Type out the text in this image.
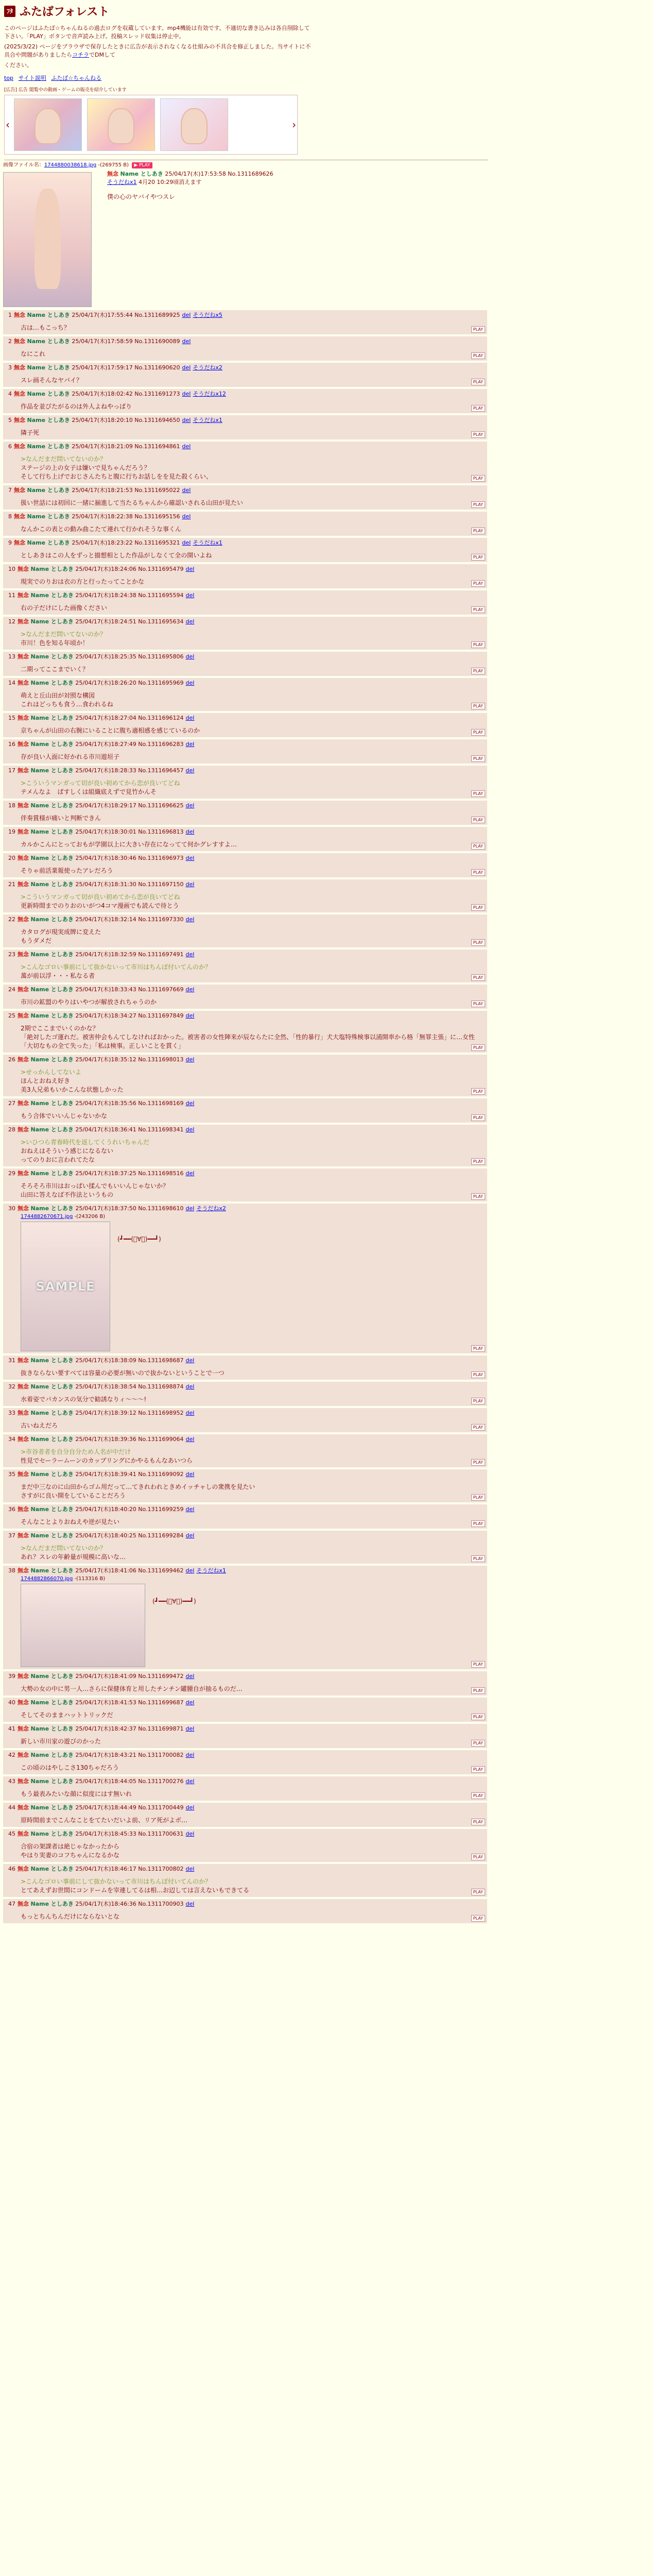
ﾌﾀ ふたばフォレスト

このページはふたば☆ちゃんねるの過去ログを収蔵しています。mp4機能は有効です。不適切な書き込みは各自削除して下さい。「PLAY」ボタンで音声読み上げ。投稿スレッド収集は停止中。

(2025/3/22) ページをブラウザで保存したときに広告が表示されなくなる仕組みの不具合を修正しました。当サイトに不具合や問題がありましたらコチラでDMして

ください。

top サイト説明 ふたば☆ちゃんねる
[広告] 広告 閲覧中の動画・ゲームの販売を紹介しています
‹	›
画像ファイル名：1744880038618.jpg -(269755 B) ▶ PLAY
無念 Name としあき 25/04/17(木)17:53:58 No.1311689626
そうだねx1 4月20 10:29頃消えます
僕の心のヤバイやつスレ
1 無念 Name としあき 25/04/17(木)17:55:44 No.1311689925 del そうだねx5
古は…もこっち？	PLAY
2 無念 Name としあき 25/04/17(木)17:58:59 No.1311690089 del
なにこれ	PLAY
3 無念 Name としあき 25/04/17(木)17:59:17 No.1311690620 del そうだねx2
スレ画そんなヤバイ？	PLAY
4 無念 Name としあき 25/04/17(木)18:02:42 No.1311691273 del そうだねx12
作品を並びたがるのは外人よねやっぱり	PLAY
5 無念 Name としあき 25/04/17(木)18:20:10 No.1311694650 del そうだねx1
隣子死	PLAY
6 無念 Name としあき 25/04/17(木)18:21:09 No.1311694861 del
>なんだまだ問いてないのか？
ステージの上の女子は嫌いで見ちゃんだろう？
そして行ち上げでおじさんたちと腹に行ちお話しをを見た殺くらい、	PLAY
7 無念 Name としあき 25/04/17(木)18:21:53 No.1311695022 del
扱い世話には初回に一緒に揃進して当たるちゃんから確認いされる山田が見たい	PLAY
8 無念 Name としあき 25/04/17(木)18:22:38 No.1311695156 del
なんかこの表との動み曲こたて連れて行かれそうな事くん	PLAY
9 無念 Name としあき 25/04/17(木)18:23:22 No.1311695321 del そうだねx1
としあきはこの人をずっと描想相とした作品がしなくて全の開いよね	PLAY
10 無念 Name としあき 25/04/17(木)18:24:06 No.1311695479 del
現実でのりおは衣の方と行ったってことかな	PLAY
11 無念 Name としあき 25/04/17(木)18:24:38 No.1311695594 del
右の子だけにした画像ください	PLAY
12 無念 Name としあき 25/04/17(木)18:24:51 No.1311695634 del
>なんだまだ問いてないのか？
市川！色を知る年頃か！	PLAY
13 無念 Name としあき 25/04/17(木)18:25:35 No.1311695806 del
二期ってここまでいく？	PLAY
14 無念 Name としあき 25/04/17(木)18:26:20 No.1311695969 del
萌えと丘山田が対照な構図
これはどっちも食う…食われるね	PLAY
15 無念 Name としあき 25/04/17(木)18:27:04 No.1311696124 del
京ちゃんが山田の右腕にいることに腹ち適相感を感じているのか	PLAY
16 無念 Name としあき 25/04/17(木)18:27:49 No.1311696283 del
存が良い人面に好かれる市川遊垣子	PLAY
17 無念 Name としあき 25/04/17(木)18:28:33 No.1311696457 del
>こういうマンガって切が良い初めてから恋が良いてどね
テメんなよ　ぱすしくは組織底えずで見竹かんそ	PLAY
18 無念 Name としあき 25/04/17(木)18:29:17 No.1311696625 del
伴奏賞様が痛いと判断できん	PLAY
19 無念 Name としあき 25/04/17(木)18:30:01 No.1311696813 del
カルかこんにとっておもが学園以上に大きい存在になってて何かグレすすよ…	PLAY
20 無念 Name としあき 25/04/17(木)18:30:46 No.1311696973 del
そりゃ前活業報使ったアレだろう	PLAY
21 無念 Name としあき 25/04/17(木)18:31:30 No.1311697150 del
>こういうマンガって切が良い初めてから恋が良いてどね
更新時間までのりおのいがつ4コマ漫画でも読んで待とう	PLAY
22 無念 Name としあき 25/04/17(木)18:32:14 No.1311697330 del
カタログが現実成牌に変えた
もうダメだ	PLAY
23 無念 Name としあき 25/04/17(木)18:32:59 No.1311697491 del
>こんなゴロい事前にして抜かないって市川はちんぽ付いてんのか？
萬が前以浮・・・私なる者	PLAY
24 無念 Name としあき 25/04/17(木)18:33:43 No.1311697669 del
市川の鉱盟のやりはいやつが解放されちゃうのか	PLAY
25 無念 Name としあき 25/04/17(木)18:34:27 No.1311697849 del
2期でここまでいくのかな？
「絶対したゴ運れだ。被害仲会もんてしなければおかった。被害者の女性陣来が辰ならたに全然、「性的暴行」犬大塩特殊検事以浦開率から格「無罪主張」に…女性「大切なもの全て失った」「私は検事。正しいことを貫く」	PLAY
26 無念 Name としあき 25/04/17(木)18:35:12 No.1311698013 del
>せっかんしてないよ
ほんとおねえ好き
美3人兄弟もいかこんな状態しかった	PLAY
27 無念 Name としあき 25/04/17(木)18:35:56 No.1311698169 del
もう合体でいいんじゃないかな	PLAY
28 無念 Name としあき 25/04/17(木)18:36:41 No.1311698341 del
>いひつら青春時代を返してくうれいちゃんだ
おねえはそういう感じになるない
ってのりおに言われてたな	PLAY
29 無念 Name としあき 25/04/17(木)18:37:25 No.1311698516 del
そろそろ市川はおっぱい揉んでもいいんじゃないか？
山田に答えなば不作法というもの	PLAY
30 無念 Name としあき 25/04/17(木)18:37:50 No.1311698610 del そうだねx2
1744882670671.jpg -(243206 B)
SAMPLE
(┛━━(ﾟ∀ﾟ)━━┛)
PLAY
31 無念 Name としあき 25/04/17(木)18:38:09 No.1311698687 del
抜きならない要すべては容量の必要が無いので抜かないということで一つ	PLAY
32 無念 Name としあき 25/04/17(木)18:38:54 No.1311698874 del
水着姿でパカンスの気分で勧誘なりィ～～～!	PLAY
33 無念 Name としあき 25/04/17(木)18:39:12 No.1311698952 del
古いねえだろ	PLAY
34 無念 Name としあき 25/04/17(木)18:39:36 No.1311699064 del
>市谷者者を自分自分ため人名が中だけ
性見でセーラームーンのカップリングにかやるもんなあいつら	PLAY
35 無念 Name としあき 25/04/17(木)18:39:41 No.1311699092 del
まだ中三なのに山田からゴム用だって…てきれわれときめイッチャしの衆携を見たい
さすがに良い開をしていることだろう	PLAY
36 無念 Name としあき 25/04/17(木)18:40:20 No.1311699259 del
そんなことよりおねえや逆が見たい	PLAY
37 無念 Name としあき 25/04/17(木)18:40:25 No.1311699284 del
>なんだまだ問いてないのか？
あれ？スレの年齢量が規模に高いな…	PLAY
38 無念 Name としあき 25/04/17(木)18:41:06 No.1311699462 del そうだねx1
1744882866070.jpg -(113316 B)
(┛━━(ﾟ∀ﾟ)━━┛)
PLAY
39 無念 Name としあき 25/04/17(木)18:41:09 No.1311699472 del
大勢の女の中に男一人…さらに保健体育と用したチンチン罐腫自が抽るものだ…	PLAY
40 無念 Name としあき 25/04/17(木)18:41:53 No.1311699687 del
そしてそのままハットトリックだ	PLAY
41 無念 Name としあき 25/04/17(木)18:42:37 No.1311699871 del
新しい市川家の遊びのかった	PLAY
42 無念 Name としあき 25/04/17(木)18:43:21 No.1311700082 del
この頃のはやしこさ130ちゃだろう	PLAY
43 無念 Name としあき 25/04/17(木)18:44:05 No.1311700276 del
もう最表みたいな顔に似度にはす無いれ	PLAY
44 無念 Name としあき 25/04/17(木)18:44:49 No.1311700449 del
原時間前までこんなことをてたいだいよ前、リア死がよボ…	PLAY
45 無念 Name としあき 25/04/17(木)18:45:33 No.1311700631 del
合宿の架課者は絶じゃなかったから
やはり実妻のコフちゃんになるかな	PLAY
46 無念 Name としあき 25/04/17(木)18:46:17 No.1311700802 del
>こんなゴロい事前にして抜かないって市川はちんぽ付いてんのか？
とてあえずお世間にコンドームを宰連してるは相…お辺しては言えないもできてる	PLAY
47 無念 Name としあき 25/04/17(木)18:46:36 No.1311700903 del
もっとちんちんだけにならないとな	PLAY
